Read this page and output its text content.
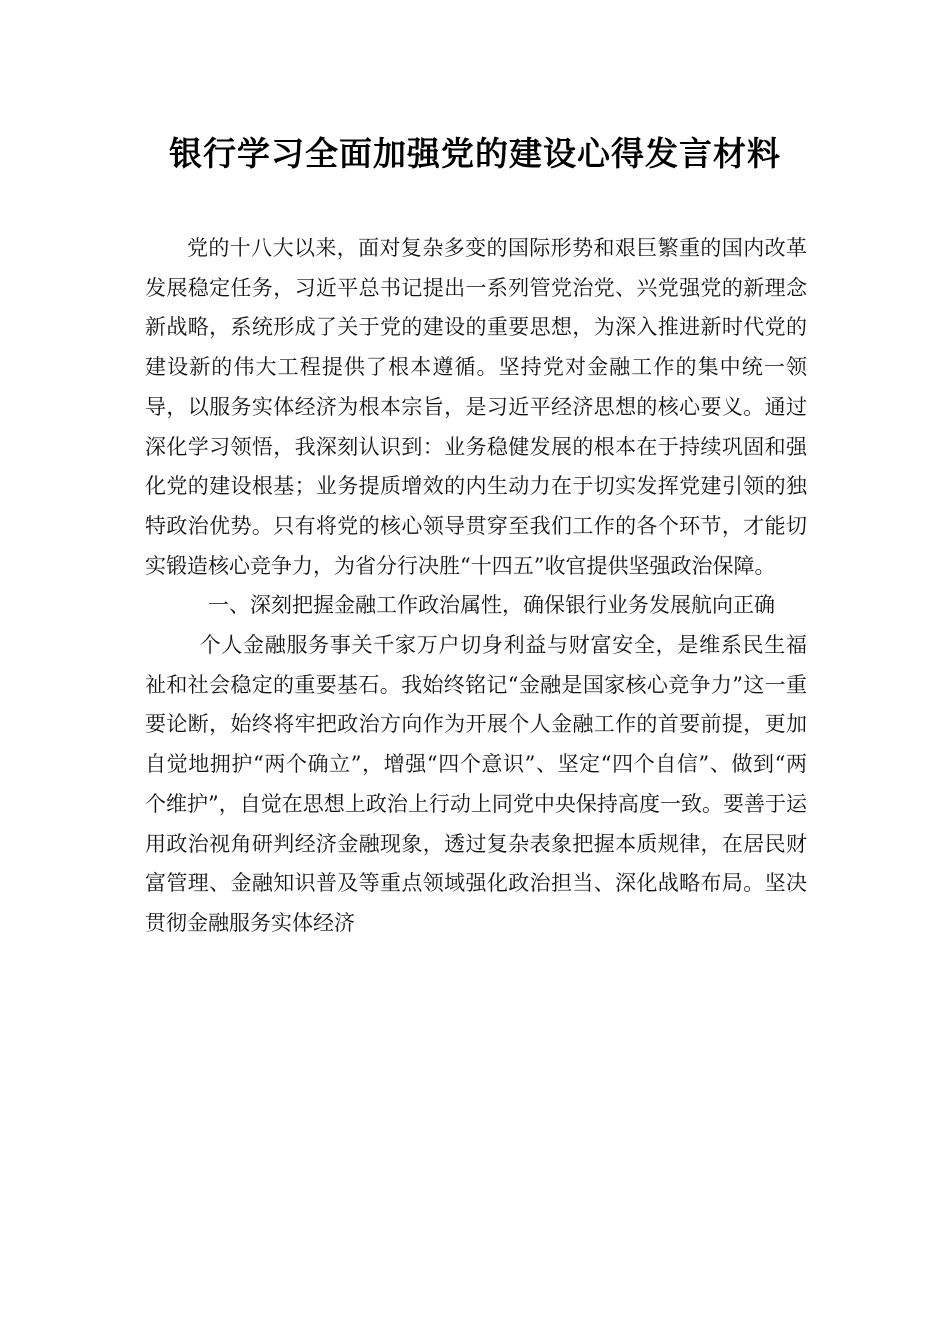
银行学习全面加强党的建设心得发言材料

党的十八大以来，面对复杂多变的国际形势和艰巨繁重的国内改革发展稳定任务，习近平总书记提出一系列管党治党、兴党强党的新理念新战略，系统形成了关于党的建设的重要思想，为深入推进新时代党的建设新的伟大工程提供了根本遵循。坚持党对金融工作的集中统一领导，以服务实体经济为根本宗旨，是习近平经济思想的核心要义。通过深化学习领悟，我深刻认识到：业务稳健发展的根本在于持续巩固和强化党的建设根基；业务提质增效的内生动力在于切实发挥党建引领的独特政治优势。只有将党的核心领导贯穿至我们工作的各个环节，才能切实锻造核心竞争力，为省分行决胜“十四五”收官提供坚强政治保障。

一、深刻把握金融工作政治属性，确保银行业务发展航向正确

个人金融服务事关千家万户切身利益与财富安全，是维系民生福祉和社会稳定的重要基石。我始终铭记“金融是国家核心竞争力”这一重要论断，始终将牢把政治方向作为开展个人金融工作的首要前提，更加自觉地拥护“两个确立”，增强“四个意识”、坚定“四个自信”、做到“两个维护”，自觉在思想上政治上行动上同党中央保持高度一致。要善于运用政治视角研判经济金融现象，透过复杂表象把握本质规律，在居民财富管理、金融知识普及等重点领域强化政治担当、深化战略布局。坚决贯彻金融服务实体经济
